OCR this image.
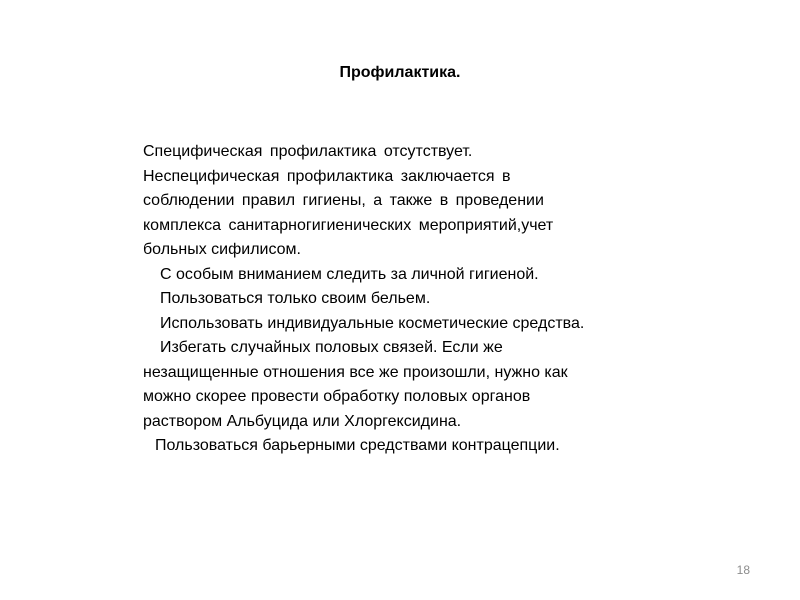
Профилактика.
Специфическая профилактика отсутствует.
Неспецифическая профилактика заключается в
соблюдении правил гигиены, а также в проведении
комплекса санитарногигиенических мероприятий,учет
больных сифилисом.
С особым вниманием следить за личной гигиеной.
Пользоваться только своим бельем.
Использовать индивидуальные косметические средства.
Избегать случайных половых связей. Если же
незащищенные отношения все же произошли, нужно как
можно скорее провести обработку половых органов
раствором Альбуцида или Хлоргексидина.
Пользоваться барьерными средствами контрацепции.
18
